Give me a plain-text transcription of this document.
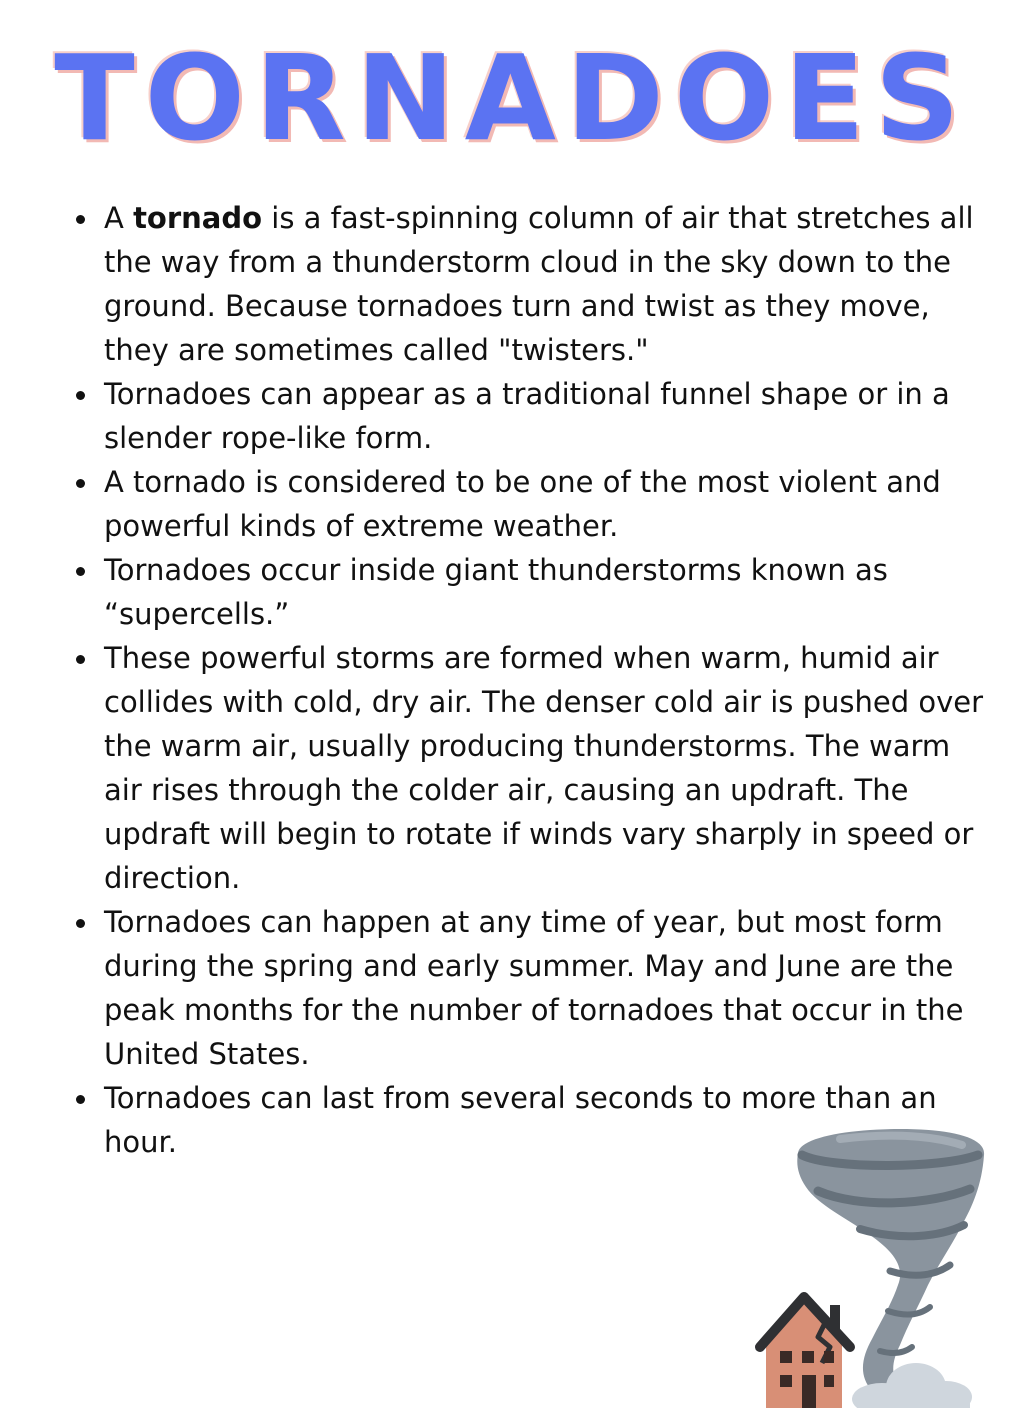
TORNADOES
A tornado is a fast-spinning column of air that stretches all the way from a thunderstorm cloud in the sky down to the ground. Because tornadoes turn and twist as they move, they are sometimes called "twisters."
Tornadoes can appear as a traditional funnel shape or in a slender rope-like form.
A tornado is considered to be one of the most violent and powerful kinds of extreme weather.
Tornadoes occur inside giant thunderstorms known as “supercells.”
These powerful storms are formed when warm, humid air collides with cold, dry air. The denser cold air is pushed over the warm air, usually producing thunderstorms. The warm air rises through the colder air, causing an updraft. The updraft will begin to rotate if winds vary sharply in speed or direction.
Tornadoes can happen at any time of year, but most form during the spring and early summer. May and June are the peak months for the number of tornadoes that occur in the United States.
Tornadoes can last from several seconds to more than an hour.
